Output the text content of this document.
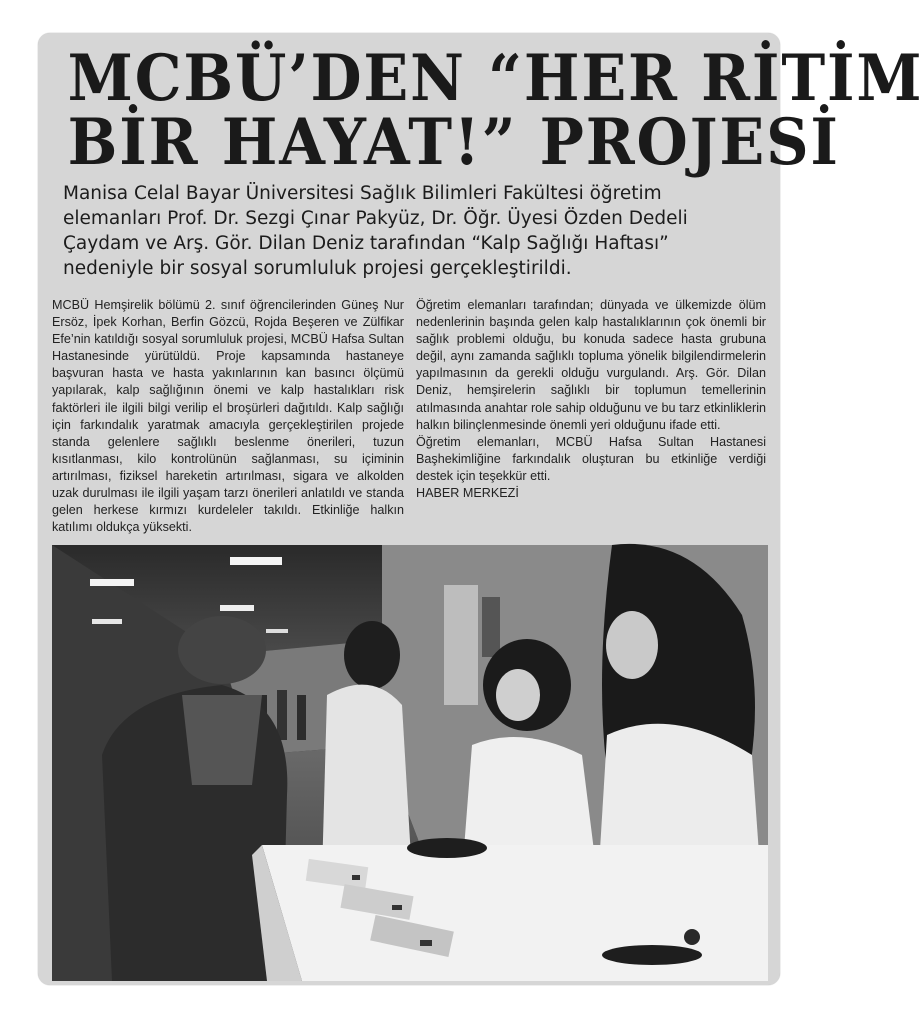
MCBÜ’DEN “HER RİTİM
BİR HAYAT!” PROJESİ
Manisa Celal Bayar Üniversitesi Sağlık Bilimleri Fakültesi öğretim elemanları Prof. Dr. Sezgi Çınar Pakyüz, Dr. Öğr. Üyesi Özden Dedeli Çaydam ve Arş. Gör. Dilan Deniz tarafından “Kalp Sağlığı Haftası” nedeniyle bir sosyal sorumluluk projesi gerçekleştirildi.

MCBÜ Hemşirelik bölümü 2. sınıf öğrencilerinden Güneş Nur Ersöz, İpek Korhan, Berfin Gözcü, Rojda Beşeren ve Zülfikar Efe’nin katıldığı sosyal sorumluluk projesi, MCBÜ Hafsa Sultan Hastanesinde yürütüldü. Proje kapsamında hastaneye başvuran hasta ve hasta yakınlarının kan basıncı ölçümü yapılarak, kalp sağlığının önemi ve kalp hastalıkları risk faktörleri ile ilgili bilgi verilip el broşürleri dağıtıldı. Kalp sağlığı için farkındalık yaratmak amacıyla gerçekleştirilen projede standa gelenlere sağlıklı beslenme önerileri, tuzun kısıtlanması, kilo kontrolünün sağlanması, su içiminin artırılması, fiziksel hareketin artırılması, sigara ve alkolden uzak durulması ile ilgili yaşam tarzı önerileri anlatıldı ve standa gelen herkese kırmızı kurdeleler takıldı. Etkinliğe halkın katılımı oldukça yüksekti.

Öğretim elemanları tarafından; dünyada ve ülkemizde ölüm nedenlerinin başında gelen kalp hastalıklarının çok önemli bir sağlık problemi olduğu, bu konuda sadece hasta grubuna değil, aynı zamanda sağlıklı topluma yönelik bilgilendirmelerin yapılmasının da gerekli olduğu vurgulandı. Arş. Gör. Dilan Deniz, hemşirelerin sağlıklı bir toplumun temellerinin atılmasında anahtar role sahip olduğunu ve bu tarz etkinliklerin halkın bilinçlenmesinde önemli yeri olduğunu ifade etti.

Öğretim elemanları, MCBÜ Hafsa Sultan Hastanesi Başhekimliğine farkındalık oluşturan bu etkinliğe verdiği destek için teşekkür etti.

HABER MERKEZİ
